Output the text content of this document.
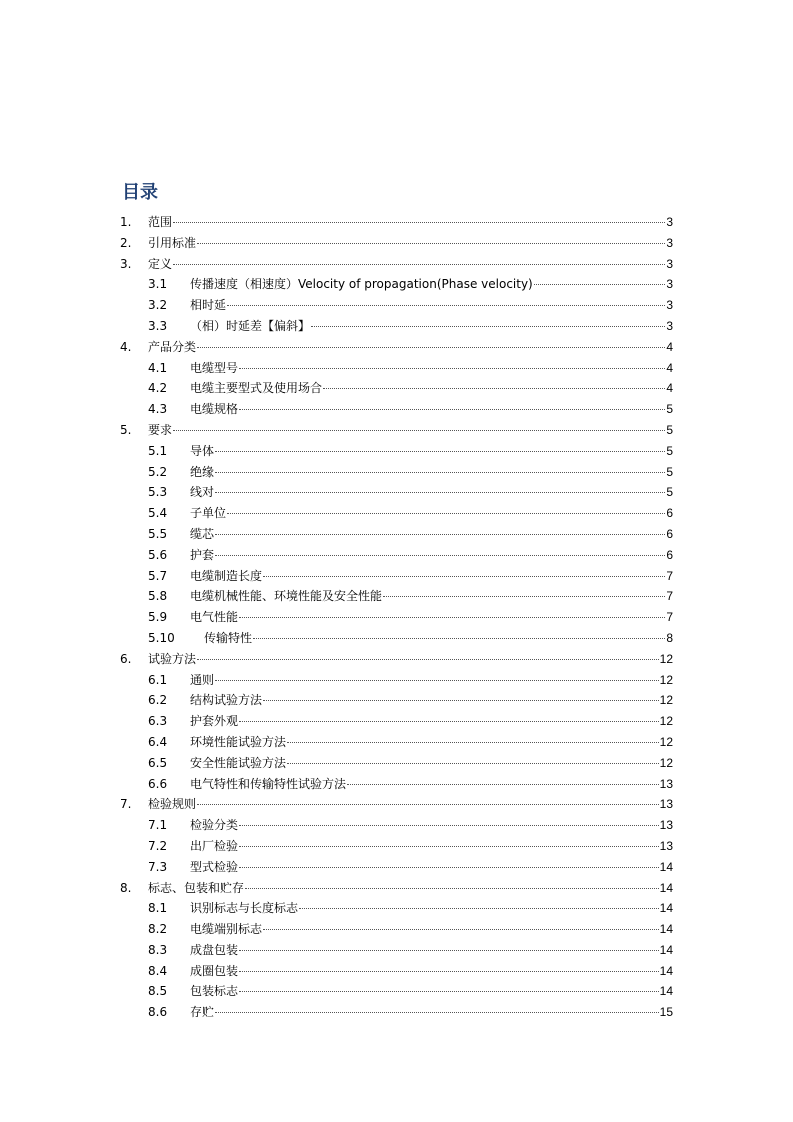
目录
1.	范围	3
2.	引用标准	3
3.	定义	3
3.1	传播速度（相速度）Velocity of propagation(Phase velocity)	3
3.2	相时延	3
3.3	（相）时延差【偏斜】	3
4.	产品分类	4
4.1	电缆型号	4
4.2	电缆主要型式及使用场合	4
4.3	电缆规格	5
5.	要求	5
5.1	导体	5
5.2	绝缘	5
5.3	线对	5
5.4	子单位	6
5.5	缆芯	6
5.6	护套	6
5.7	电缆制造长度	7
5.8	电缆机械性能、环境性能及安全性能	7
5.9	电气性能	7
5.10	传输特性	8
6.	试验方法	12
6.1	通则	12
6.2	结构试验方法	12
6.3	护套外观	12
6.4	环境性能试验方法	12
6.5	安全性能试验方法	12
6.6	电气特性和传输特性试验方法	13
7.	检验规则	13
7.1	检验分类	13
7.2	出厂检验	13
7.3	型式检验	14
8.	标志、包装和贮存	14
8.1	识别标志与长度标志	14
8.2	电缆端别标志	14
8.3	成盘包装	14
8.4	成圈包装	14
8.5	包装标志	14
8.6	存贮	15
